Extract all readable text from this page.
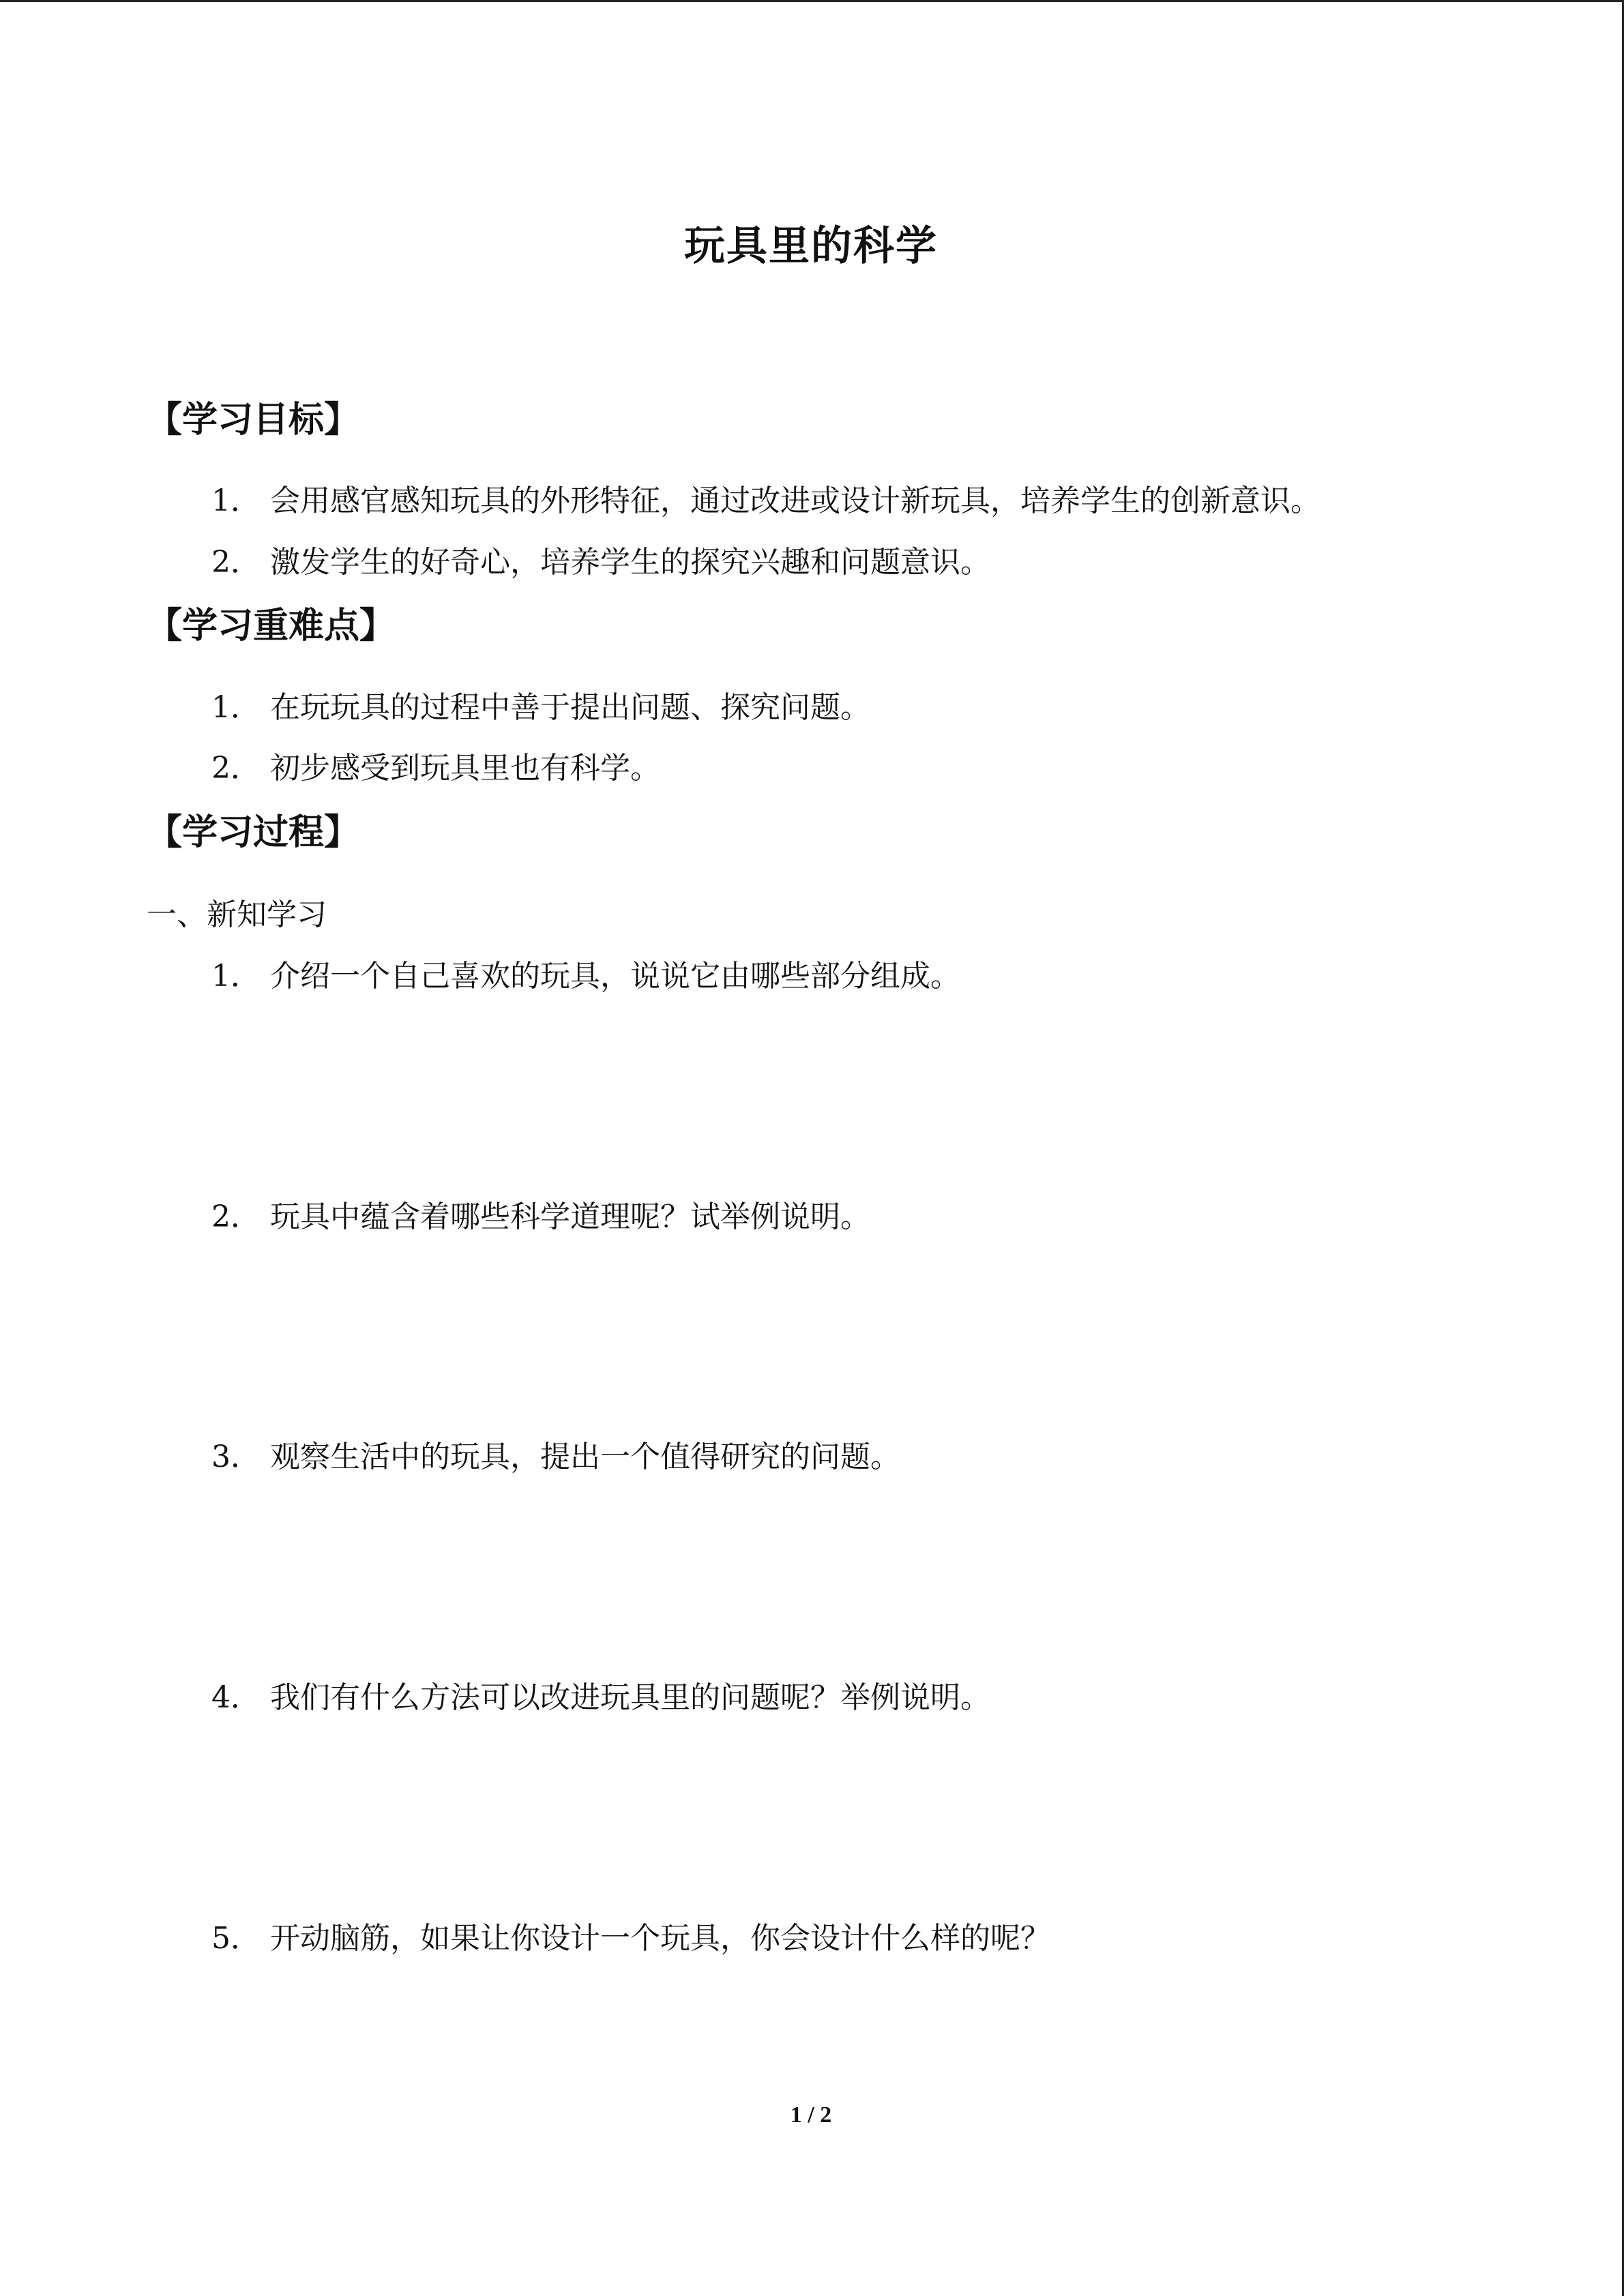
玩具里的科学
【学习目标】

1． 会用感官感知玩具的外形特征，通过改进或设计新玩具，培养学生的创新意识。

2． 激发学生的好奇心，培养学生的探究兴趣和问题意识。

【学习重难点】

1． 在玩玩具的过程中善于提出问题、探究问题。

2． 初步感受到玩具里也有科学。

【学习过程】

一、新知学习

1． 介绍一个自己喜欢的玩具，说说它由哪些部分组成。

2． 玩具中蕴含着哪些科学道理呢？试举例说明。

3． 观察生活中的玩具，提出一个值得研究的问题。

4． 我们有什么方法可以改进玩具里的问题呢？举例说明。

5． 开动脑筋，如果让你设计一个玩具，你会设计什么样的呢？

1 / 2
